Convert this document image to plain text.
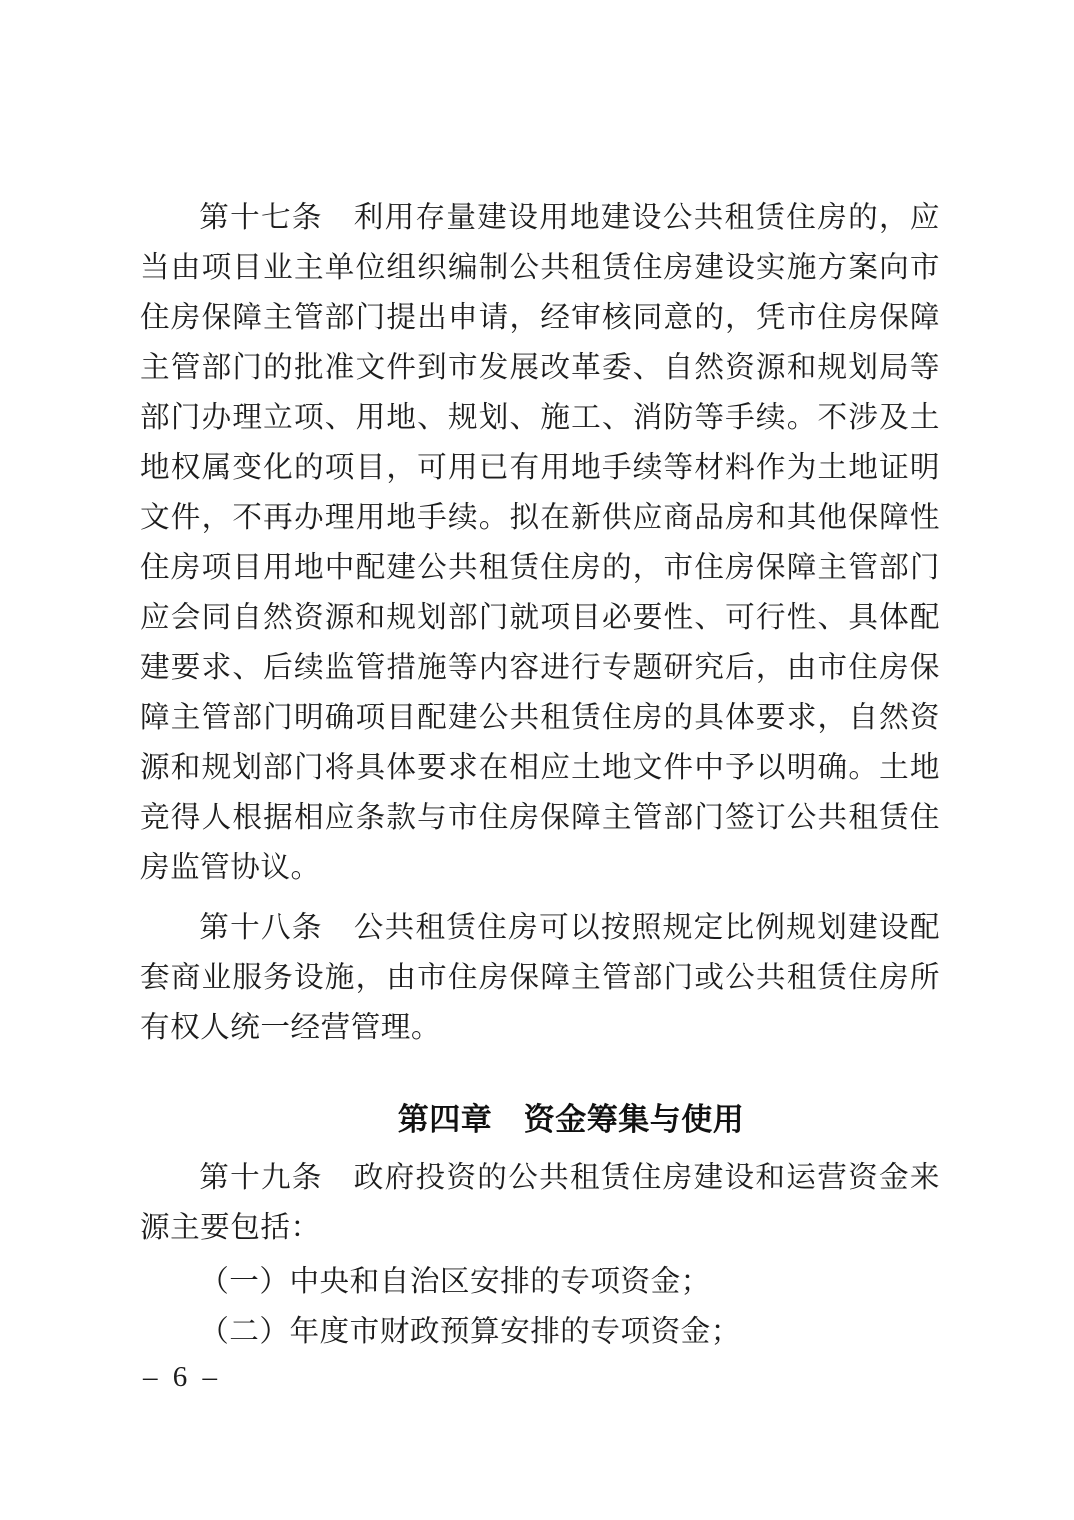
第十七条　利用存量建设用地建设公共租赁住房的，应当由项目业主单位组织编制公共租赁住房建设实施方案向市住房保障主管部门提出申请，经审核同意的，凭市住房保障主管部门的批准文件到市发展改革委、自然资源和规划局等部门办理立项、用地、规划、施工、消防等手续。不涉及土地权属变化的项目，可用已有用地手续等材料作为土地证明文件，不再办理用地手续。拟在新供应商品房和其他保障性住房项目用地中配建公共租赁住房的，市住房保障主管部门应会同自然资源和规划部门就项目必要性、可行性、具体配建要求、后续监管措施等内容进行专题研究后，由市住房保障主管部门明确项目配建公共租赁住房的具体要求，自然资源和规划部门将具体要求在相应土地文件中予以明确。土地竞得人根据相应条款与市住房保障主管部门签订公共租赁住房监管协议。

第十八条　公共租赁住房可以按照规定比例规划建设配套商业服务设施，由市住房保障主管部门或公共租赁住房所有权人统一经营管理。

第四章　资金筹集与使用

第十九条　政府投资的公共租赁住房建设和运营资金来源主要包括：

（一）中央和自治区安排的专项资金；

（二）年度市财政预算安排的专项资金；

– 6 –
